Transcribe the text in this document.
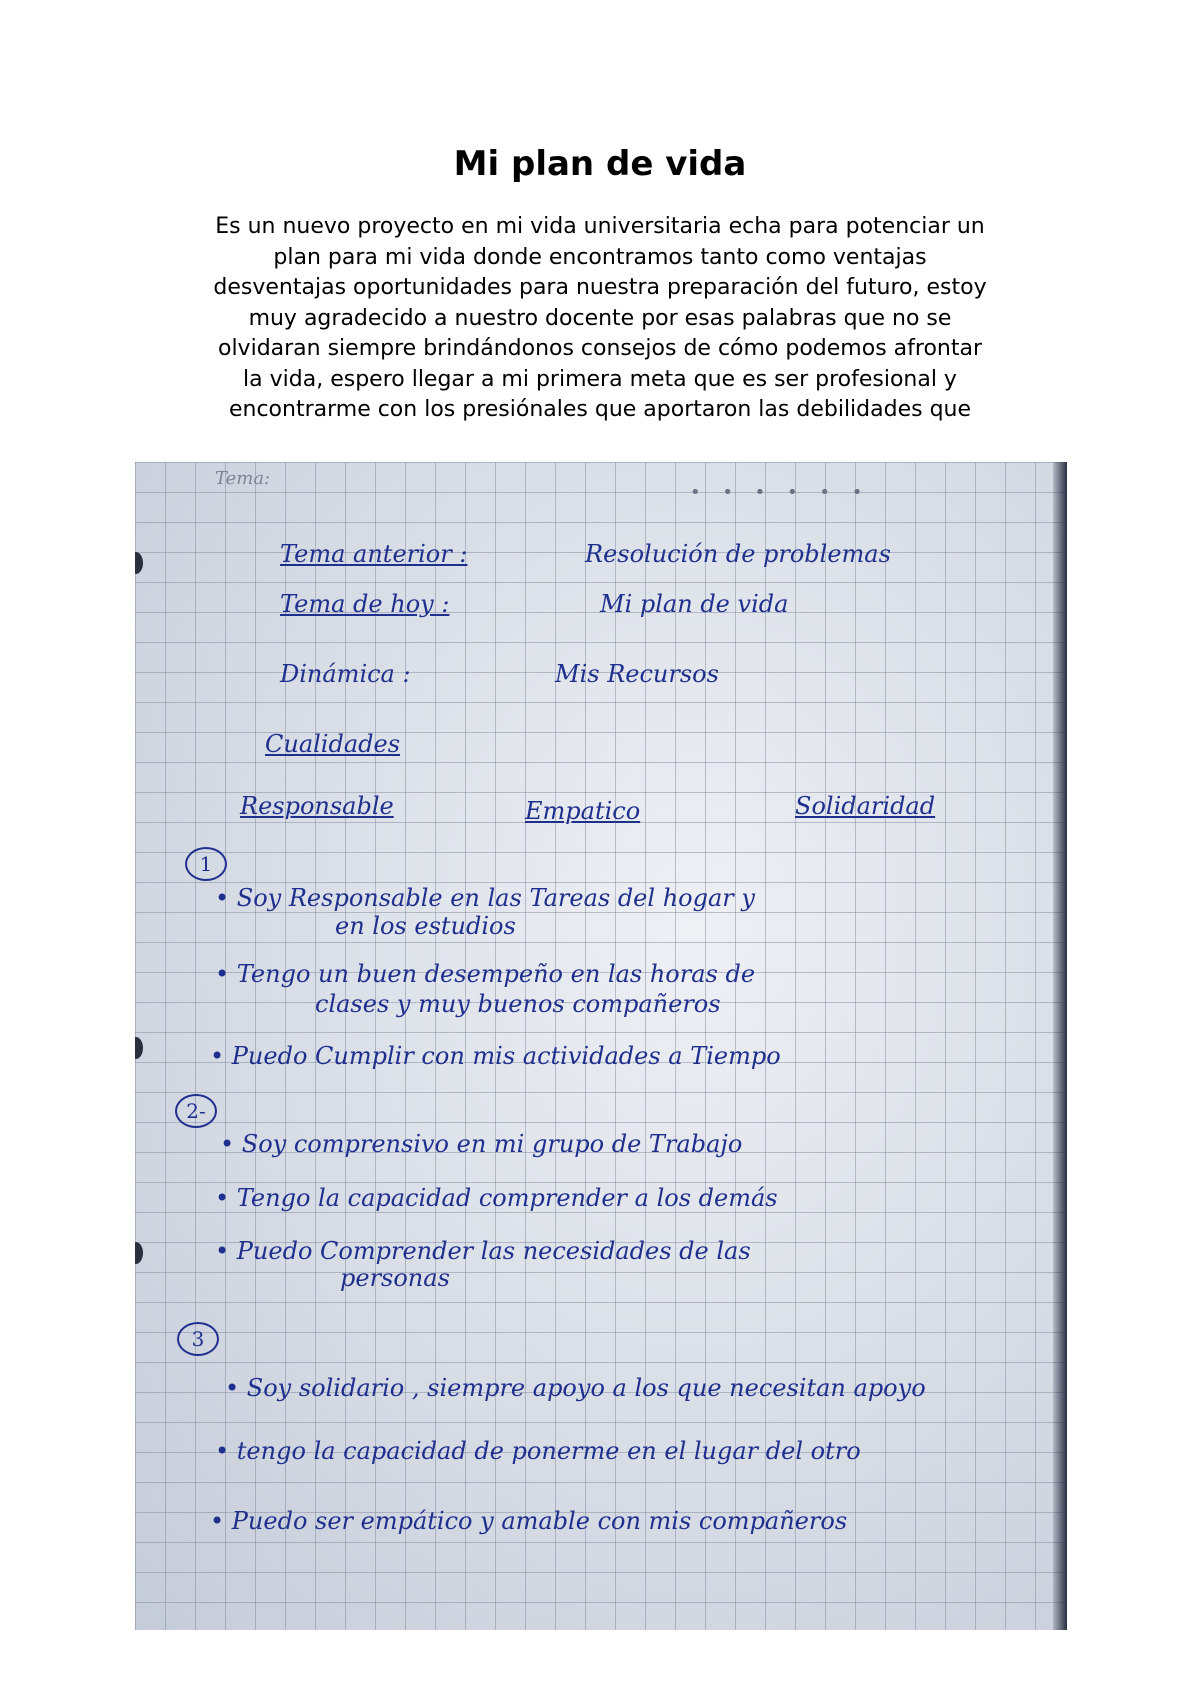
Mi plan de vida
Es un nuevo proyecto en mi vida universitaria echa para potenciar un
plan para mi vida donde encontramos tanto como ventajas
desventajas oportunidades para nuestra preparación del futuro, estoy
muy agradecido a nuestro docente por esas palabras que no se
olvidaran siempre brindándonos consejos de cómo podemos afrontar
la vida, espero llegar a mi primera meta que es ser profesional y
encontrarme con los presiónales que aportaron las debilidades que
Tema:
• • • • • •
Tema anterior :	Resolución de problemas
Tema de hoy :	Mi plan de vida
Dinámica :	Mis Recursos
Cualidades
Responsable	Empatico	Solidaridad
1
• Soy Responsable en las Tareas del hogar y
en los estudios
• Tengo un buen desempeño en las horas de
clases y muy buenos compañeros
• Puedo Cumplir con mis actividades a Tiempo
2-
• Soy comprensivo en mi grupo de Trabajo
• Tengo la capacidad comprender a los demás
• Puedo Comprender las necesidades de las
personas
3
• Soy solidario , siempre apoyo a los que necesitan apoyo
• tengo la capacidad de ponerme en el lugar del otro
• Puedo ser empático y amable con mis compañeros
